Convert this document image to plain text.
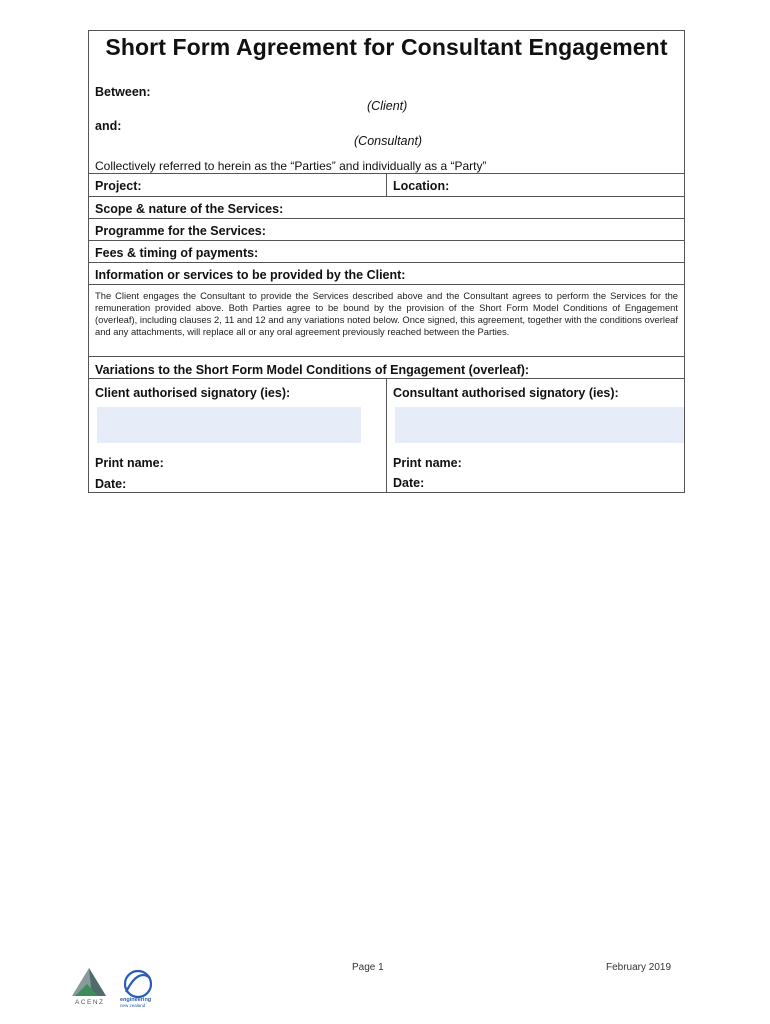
Short Form Agreement for Consultant Engagement
Between:
(Client)
and:
(Consultant)
Collectively referred to herein as the “Parties” and individually as a “Party”
Project:	Location:
Scope & nature of the Services:
Programme for the Services:
Fees & timing of payments:
Information or services to be provided by the Client:
The Client engages the Consultant to provide the Services described above and the Consultant agrees to perform the Services for the remuneration provided above. Both Parties agree to be bound by the provision of the Short Form Model Conditions of Engagement (overleaf), including clauses 2, 11 and 12 and any variations noted below. Once signed, this agreement, together with the conditions overleaf and any attachments, will replace all or any oral agreement previously reached between the Parties.
Variations to the Short Form Model Conditions of Engagement (overleaf):
Client authorised signatory (ies):
Print name:
Date:
Consultant authorised signatory (ies):
Print name:
Date:
ACENZ	engineering
new zealand
Page 1	February 2019
